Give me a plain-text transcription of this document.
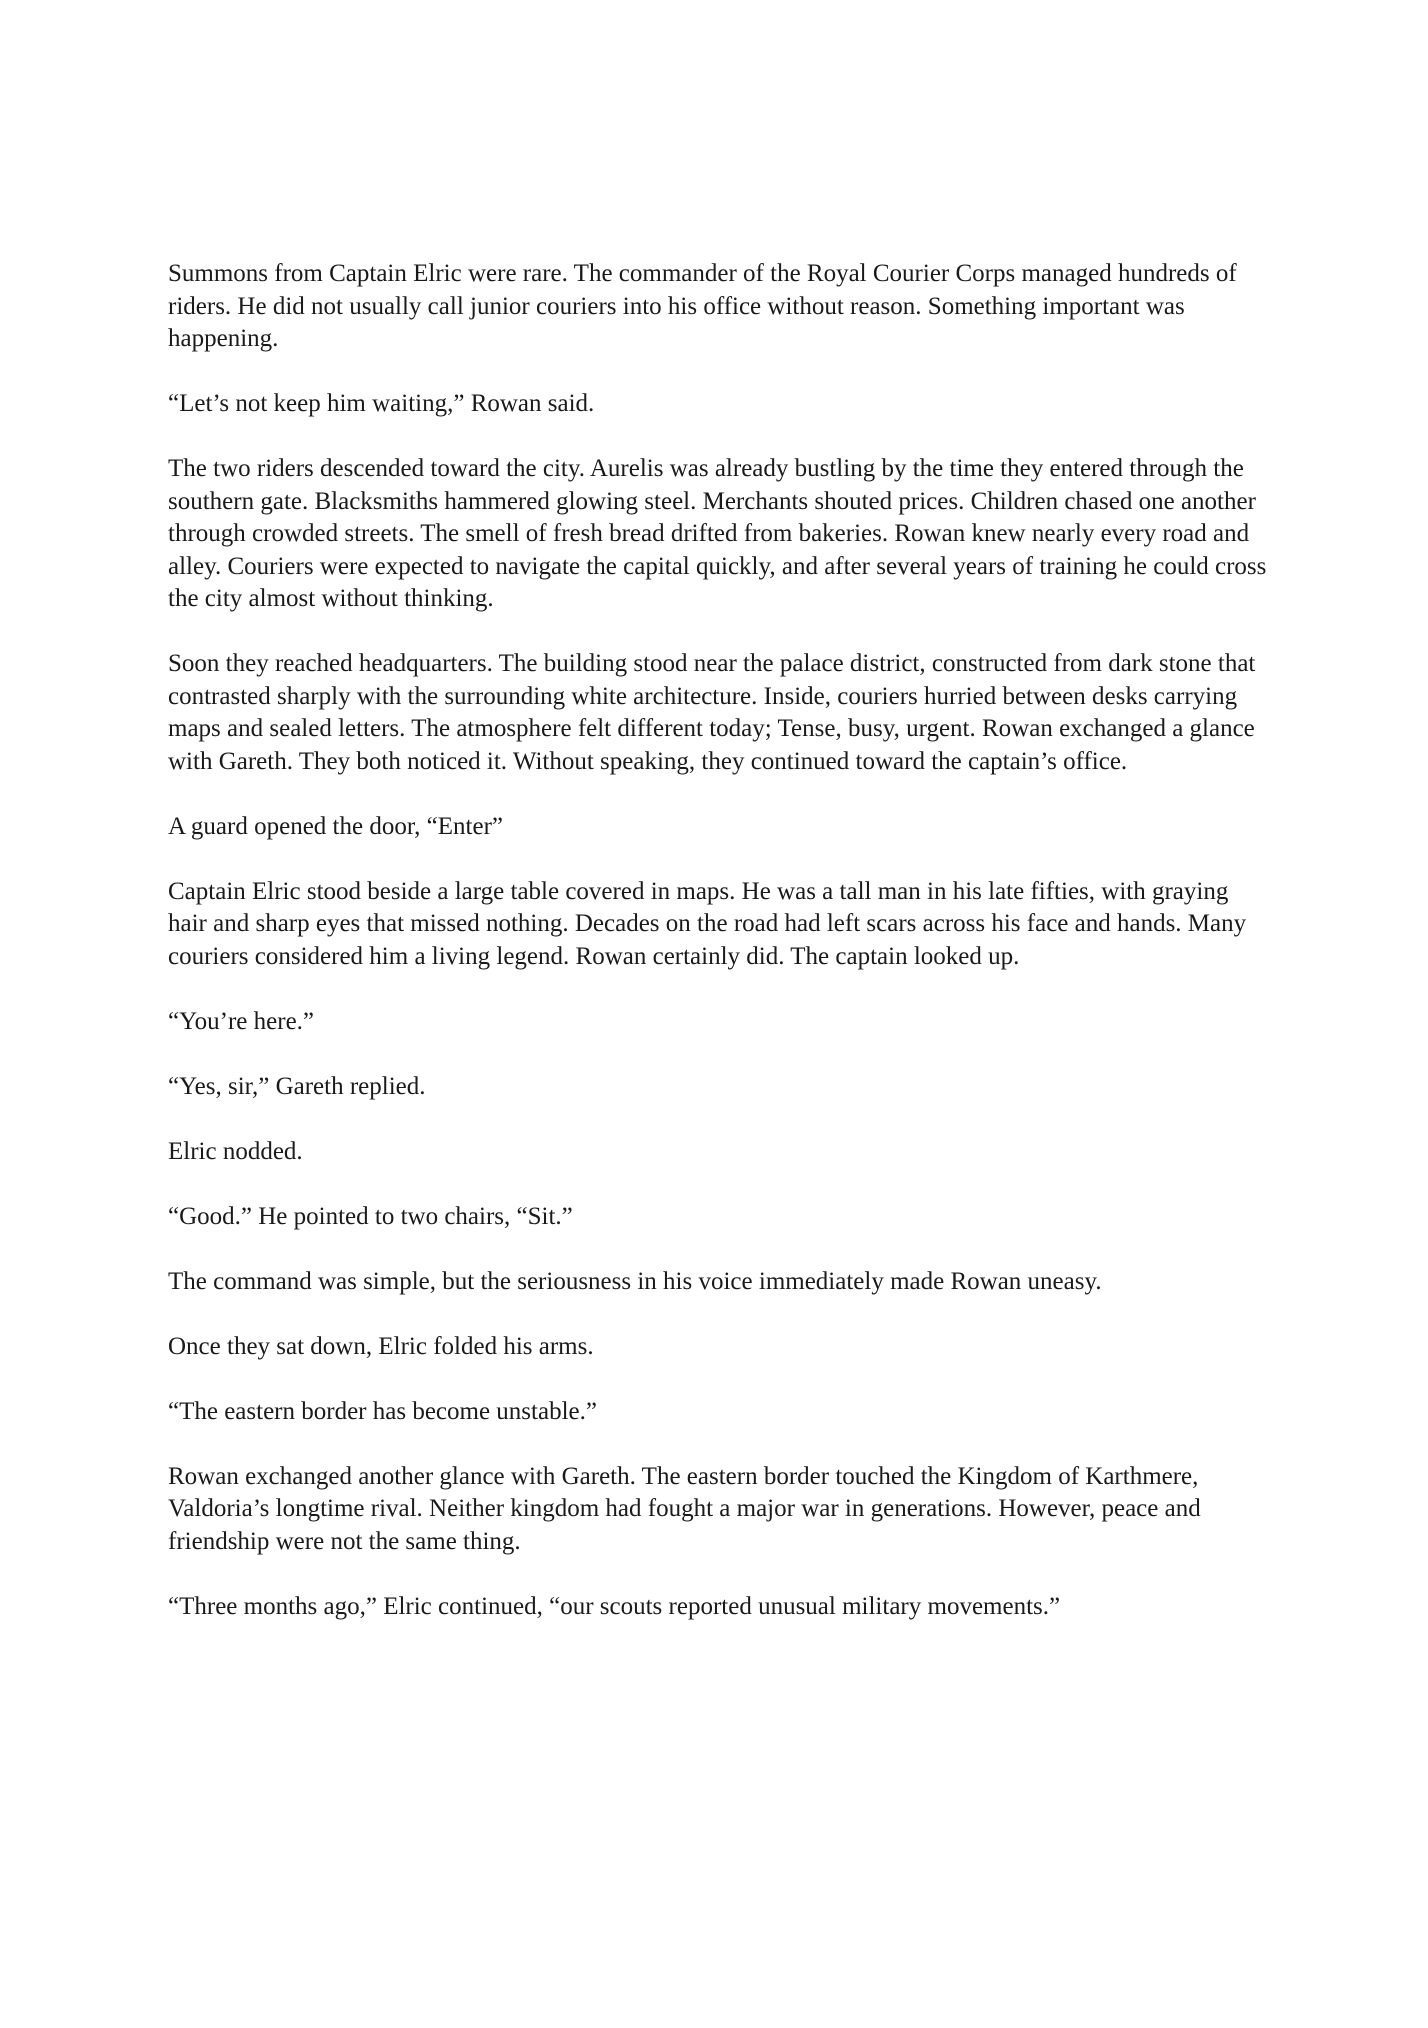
Summons from Captain Elric were rare. The commander of the Royal Courier Corps managed hundreds of riders. He did not usually call junior couriers into his office without reason. Something important was happening.

“Let’s not keep him waiting,” Rowan said.

The two riders descended toward the city. Aurelis was already bustling by the time they entered through the southern gate. Blacksmiths hammered glowing steel. Merchants shouted prices. Children chased one another through crowded streets. The smell of fresh bread drifted from bakeries. Rowan knew nearly every road and alley. Couriers were expected to navigate the capital quickly, and after several years of training he could cross the city almost without thinking.

Soon they reached headquarters. The building stood near the palace district, constructed from dark stone that contrasted sharply with the surrounding white architecture. Inside, couriers hurried between desks carrying maps and sealed letters. The atmosphere felt different today; Tense, busy, urgent. Rowan exchanged a glance with Gareth. They both noticed it. Without speaking, they continued toward the captain’s office.

A guard opened the door, “Enter”

Captain Elric stood beside a large table covered in maps. He was a tall man in his late fifties, with graying hair and sharp eyes that missed nothing. Decades on the road had left scars across his face and hands. Many couriers considered him a living legend. Rowan certainly did. The captain looked up.

“You’re here.”

“Yes, sir,” Gareth replied.

Elric nodded.

“Good.” He pointed to two chairs, “Sit.”

The command was simple, but the seriousness in his voice immediately made Rowan uneasy.

Once they sat down, Elric folded his arms.

“The eastern border has become unstable.”

Rowan exchanged another glance with Gareth. The eastern border touched the Kingdom of Karthmere, Valdoria’s longtime rival. Neither kingdom had fought a major war in generations. However, peace and friendship were not the same thing.

“Three months ago,” Elric continued, “our scouts reported unusual military movements.”
